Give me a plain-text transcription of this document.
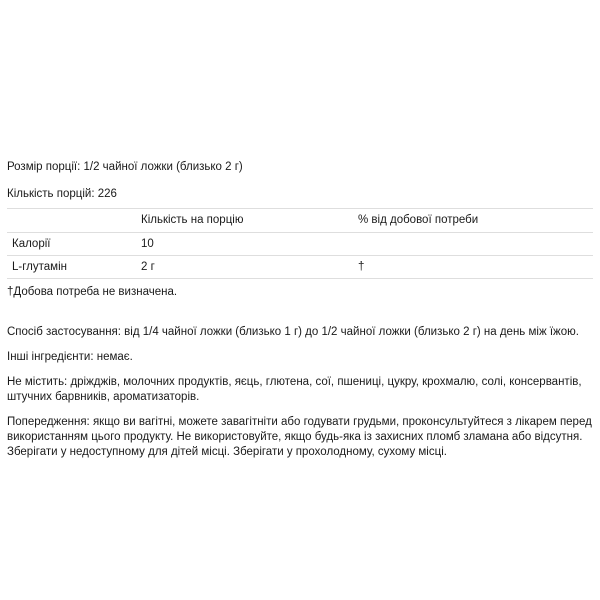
Розмір порції: 1/2 чайної ложки (близько 2 г)

Кількість порцій: 226

	Кількість на порцію	% від добової потреби
Калорії	10	
L-глутамін	2 г	†

†Добова потреба не визначена.

Спосіб застосування: від 1/4 чайної ложки (близько 1 г) до 1/2 чайної ложки (близько 2 г) на день між їжою.

Інші інгредієнти: немає.

Не містить: дріжджів, молочних продуктів, яєць, глютена, сої, пшениці, цукру, крохмалю, солі, консервантів, штучних барвників, ароматизаторів.

Попередження: якщо ви вагітні, можете завагітніти або годувати грудьми, проконсультуйтеся з лікарем перед використанням цього продукту. Не використовуйте, якщо будь-яка із захисних пломб зламана або відсутня. Зберігати у недоступному для дітей місці. Зберігати у прохолодному, сухому місці.
